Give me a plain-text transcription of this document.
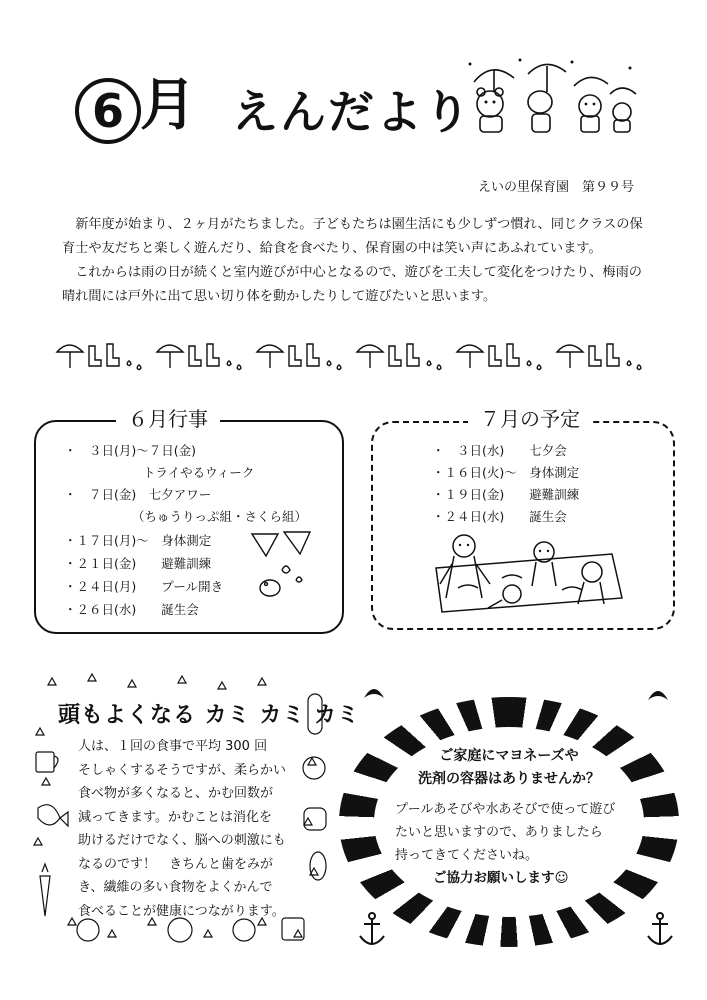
6 月 えんだより
えいの里保育園　第９９号

新年度が始まり、２ヶ月がたちました。子どもたちは園生活にも少しずつ慣れ、同じクラスの保育士や友だちと楽しく遊んだり、給食を食べたり、保育園の中は笑い声にあふれています。

これからは雨の日が続くと室内遊びが中心となるので、遊びを工夫して変化をつけたり、梅雨の晴れ間には戸外に出て思い切り体を動かしたりして遊びたいと思います。

６月行事
・　３日(月)～７日(金)
トライやるウィーク
・　７日(金)　七夕アワー
（ちゅうりっぷ組・さくら組）
・１７日(月)～　身体測定
・２１日(金)　　避難訓練
・２４日(月)　　プール開き
・２６日(水)　　誕生会
７月の予定
・　３日(水)　　七夕会
・１６日(火)～　身体測定
・１９日(金)　　避難訓練
・２４日(水)　　誕生会
頭もよくなる カミ カミ カミ
人は、１回の食事で平均 300 回
そしゃくするそうですが、柔らかい
食べ物が多くなると、かむ回数が
減ってきます。かむことは消化を
助けるだけでなく、脳への刺激にも
なるのです！　きちんと歯をみが
き、繊維の多い食物をよくかんで
食べることが健康につながります。
ご家庭にマヨネーズや
洗剤の容器はありませんか？
プールあそびや水あそびで使って遊び
たいと思いますので、ありましたら
持ってきてくださいね。
ご協力お願いします☺
